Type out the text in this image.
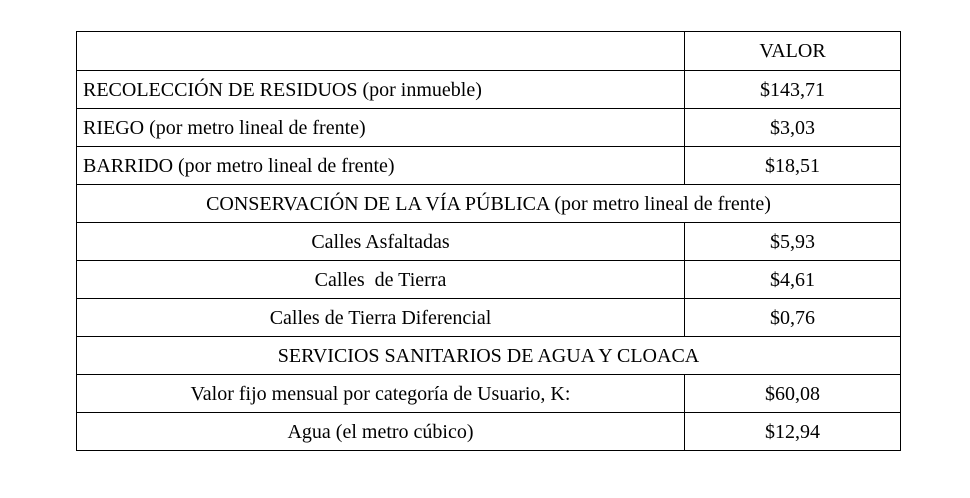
	VALOR
RECOLECCIÓN DE RESIDUOS (por inmueble)	$143,71
RIEGO (por metro lineal de frente)	$3,03
BARRIDO (por metro lineal de frente)	$18,51
CONSERVACIÓN DE LA VÍA PÚBLICA (por metro lineal de frente)	
Calles Asfaltadas	$5,93
Calles  de Tierra	$4,61
Calles de Tierra Diferencial	$0,76
SERVICIOS SANITARIOS DE AGUA Y CLOACA	
Valor fijo mensual por categoría de Usuario, K:	$60,08
Agua (el metro cúbico)	$12,94
